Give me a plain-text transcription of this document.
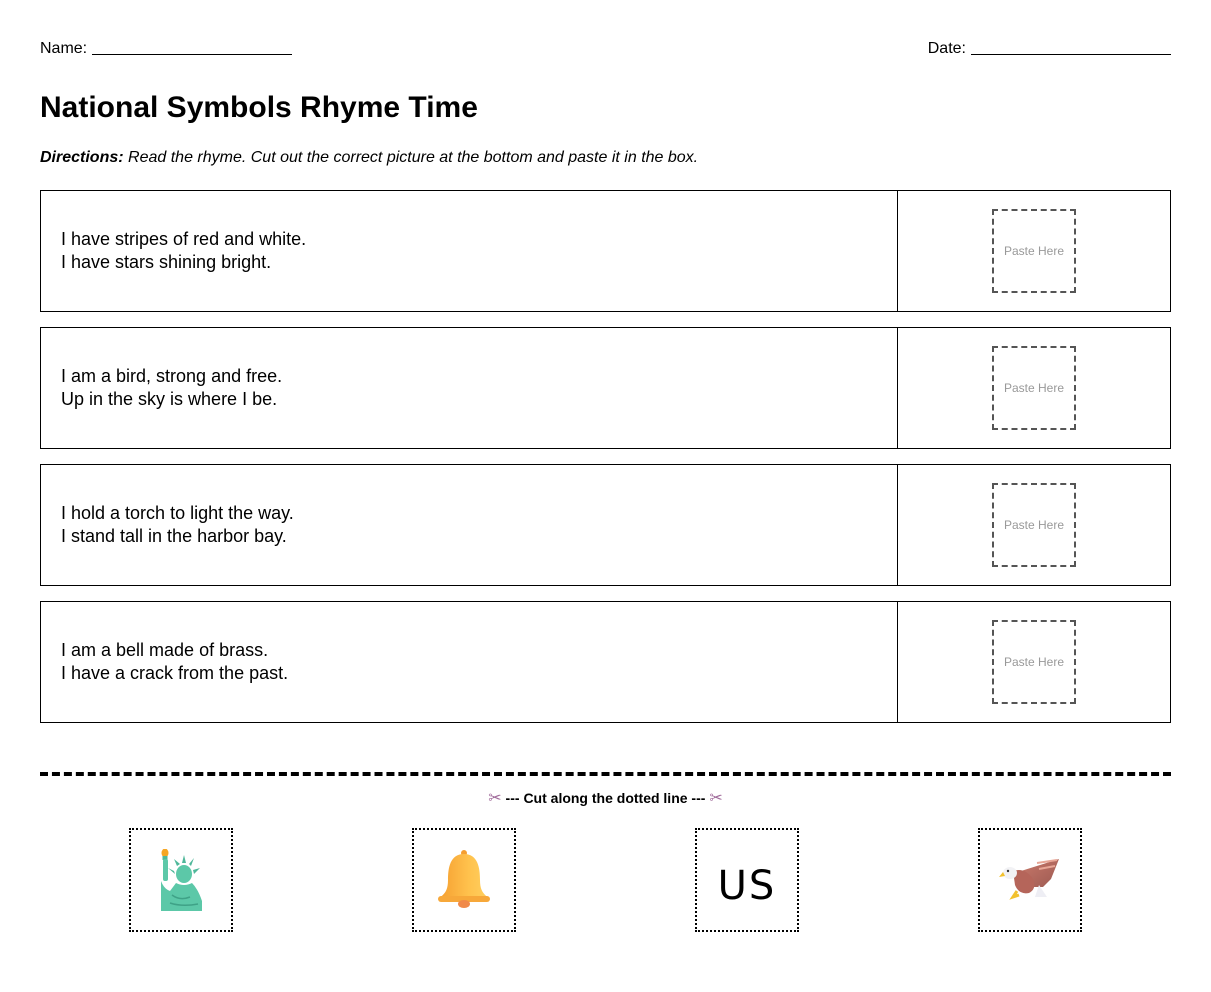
Name:	Date:
National Symbols Rhyme Time

Directions: Read the rhyme. Cut out the correct picture at the bottom and paste it in the box.

I have stripes of red and white.
I have stars shining bright.
Paste Here
I am a bird, strong and free.
Up in the sky is where I be.
Paste Here
I hold a torch to light the way.
I stand tall in the harbor bay.
Paste Here
I am a bell made of brass.
I have a crack from the past.
Paste Here
✂ --- Cut along the dotted line --- ✂
US
